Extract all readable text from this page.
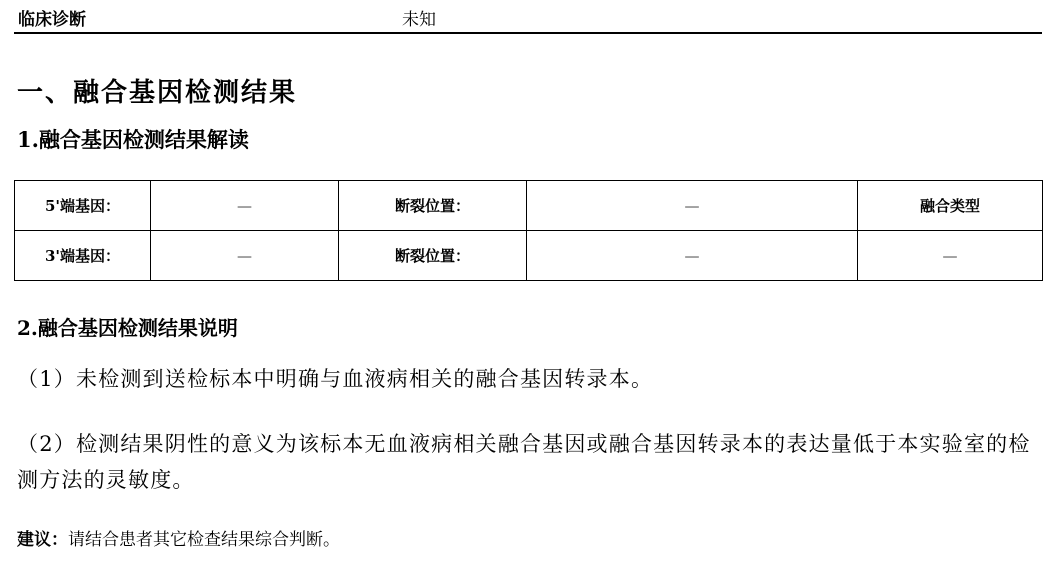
临床诊断	未知
一、融合基因检测结果
1.融合基因检测结果解读
5'端基因：	—	断裂位置：	—	融合类型
3'端基因：	—	断裂位置：	—	—
2.融合基因检测结果说明
（1）未检测到送检标本中明确与血液病相关的融合基因转录本。
（2）检测结果阴性的意义为该标本无血液病相关融合基因或融合基因转录本的表达量低于本实验室的检测方法的灵敏度。
建议：请结合患者其它检查结果综合判断。
